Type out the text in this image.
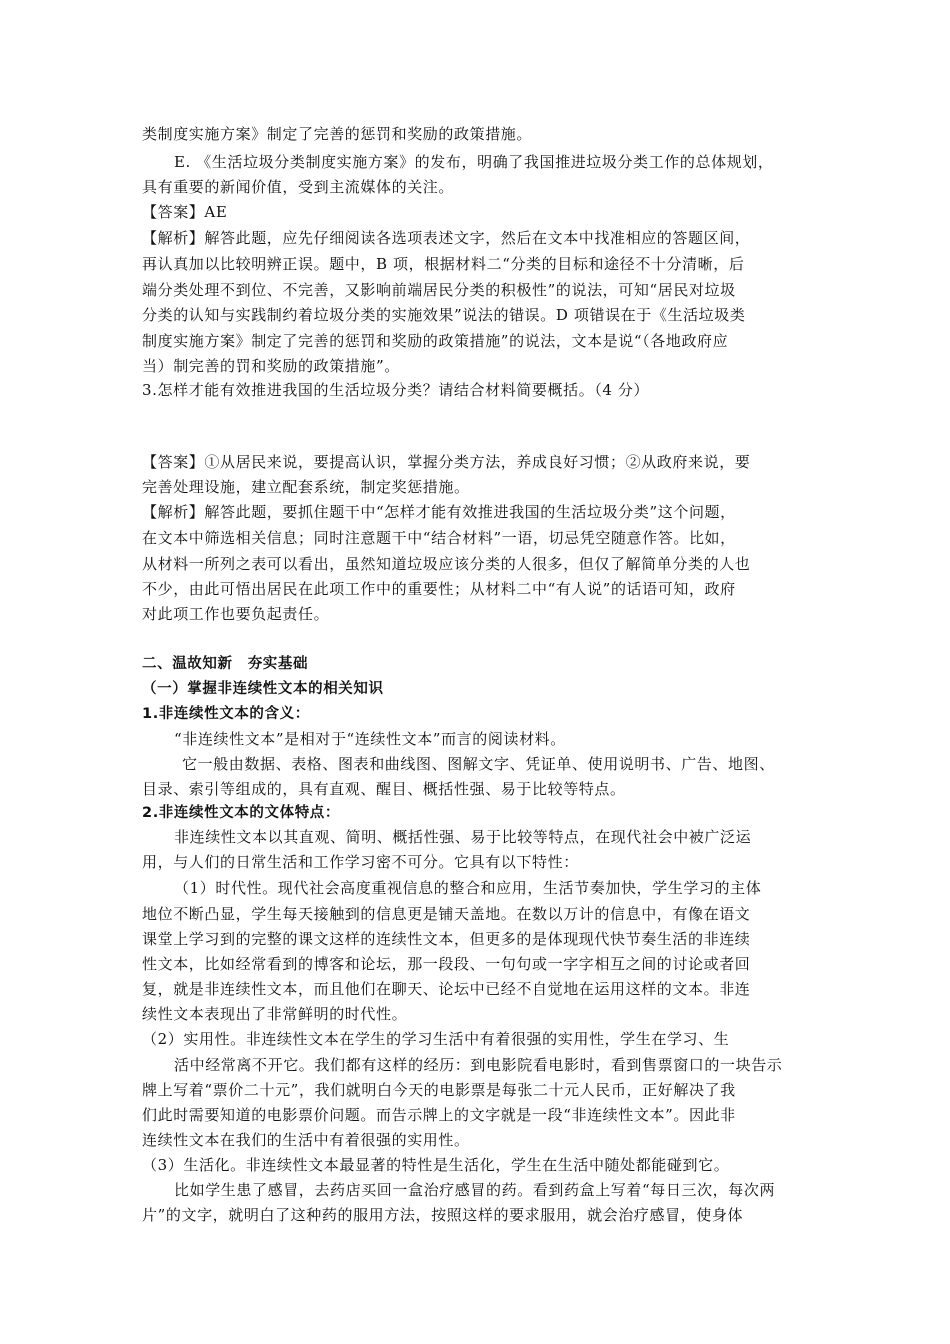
类制度实施方案》制定了完善的惩罚和奖励的政策措施。
E. 《生活垃圾分类制度实施方案》的发布，明确了我国推进垃圾分类工作的总体规划，
具有重要的新闻价值，受到主流媒体的关注。
【答案】AE
【解析】解答此题，应先仔细阅读各选项表述文字，然后在文本中找准相应的答题区间，
再认真加以比较明辨正误。题中，B 项，根据材料二“分类的目标和途径不十分清晰，后
端分类处理不到位、不完善，又影响前端居民分类的积极性”的说法，可知“居民对垃圾
分类的认知与实践制约着垃圾分类的实施效果”说法的错误。D 项错误在于《生活垃圾类
制度实施方案》制定了完善的惩罚和奖励的政策措施”的说法，文本是说“（各地政府应
当）制完善的罚和奖励的政策措施”。
3.怎样才能有效推进我国的生活垃圾分类？请结合材料简要概括。（4 分）
【答案】①从居民来说，要提高认识，掌握分类方法，养成良好习惯；②从政府来说，要
完善处理设施，建立配套系统，制定奖惩措施。
【解析】解答此题，要抓住题干中“怎样才能有效推进我国的生活垃圾分类”这个问题，
在文本中筛选相关信息；同时注意题干中“结合材料”一语，切忌凭空随意作答。比如，
从材料一所列之表可以看出，虽然知道垃圾应该分类的人很多，但仅了解简单分类的人也
不少，由此可悟出居民在此项工作中的重要性；从材料二中“有人说”的话语可知，政府
对此项工作也要负起责任。
二、温故知新　夯实基础
（一）掌握非连续性文本的相关知识
1.非连续性文本的含义：
“非连续性文本”是相对于“连续性文本”而言的阅读材料。
它一般由数据、表格、图表和曲线图、图解文字、凭证单、使用说明书、广告、地图、
目录、索引等组成的，具有直观、醒目、概括性强、易于比较等特点。
2.非连续性文本的文体特点：
非连续性文本以其直观、简明、概括性强、易于比较等特点，在现代社会中被广泛运
用，与人们的日常生活和工作学习密不可分。它具有以下特性：
（1）时代性。现代社会高度重视信息的整合和应用，生活节奏加快，学生学习的主体
地位不断凸显，学生每天接触到的信息更是铺天盖地。在数以万计的信息中，有像在语文
课堂上学习到的完整的课文这样的连续性文本，但更多的是体现现代快节奏生活的非连续
性文本，比如经常看到的博客和论坛，那一段段、一句句或一字字相互之间的讨论或者回
复，就是非连续性文本，而且他们在聊天、论坛中已经不自觉地在运用这样的文本。非连
续性文本表现出了非常鲜明的时代性。
（2）实用性。非连续性文本在学生的学习生活中有着很强的实用性，学生在学习、生
活中经常离不开它。我们都有这样的经历：到电影院看电影时，看到售票窗口的一块告示
牌上写着“票价二十元”，我们就明白今天的电影票是每张二十元人民币，正好解决了我
们此时需要知道的电影票价问题。而告示牌上的文字就是一段“非连续性文本”。因此非
连续性文本在我们的生活中有着很强的实用性。
（3）生活化。非连续性文本最显著的特性是生活化，学生在生活中随处都能碰到它。
比如学生患了感冒，去药店买回一盒治疗感冒的药。看到药盒上写着“每日三次，每次两
片”的文字，就明白了这种药的服用方法，按照这样的要求服用，就会治疗感冒，使身体
